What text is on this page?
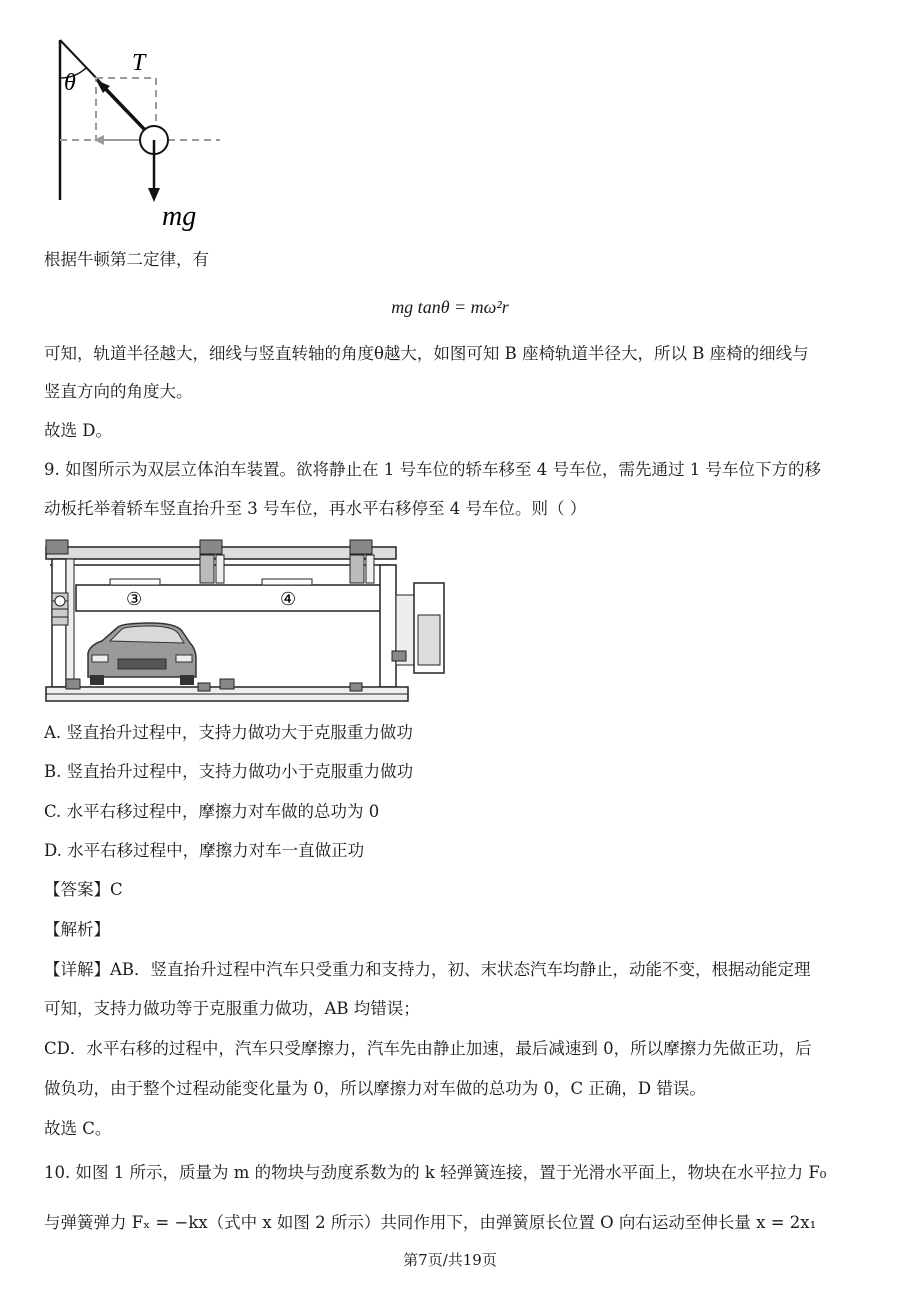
θ
T
mg
根据牛顿第二定律，有
mg tanθ = mω²r
可知，轨道半径越大，细线与竖直转轴的角度θ越大，如图可知 B 座椅轨道半径大，所以 B 座椅的细线与
竖直方向的角度大。
故选 D。
9. 如图所示为双层立体泊车装置。欲将静止在 1 号车位的轿车移至 4 号车位，需先通过 1 号车位下方的移
动板托举着轿车竖直抬升至 3 号车位，再水平右移停至 4 号车位。则（ ）
③	④
A. 竖直抬升过程中，支持力做功大于克服重力做功
B. 竖直抬升过程中，支持力做功小于克服重力做功
C. 水平右移过程中，摩擦力对车做的总功为 0
D. 水平右移过程中，摩擦力对车一直做正功
【答案】C
【解析】
【详解】AB．竖直抬升过程中汽车只受重力和支持力，初、末状态汽车均静止，动能不变，根据动能定理
可知，支持力做功等于克服重力做功，AB 均错误；
CD．水平右移的过程中，汽车只受摩擦力，汽车先由静止加速，最后减速到 0，所以摩擦力先做正功，后
做负功，由于整个过程动能变化量为 0，所以摩擦力对车做的总功为 0，C 正确，D 错误。
故选 C。
10. 如图 1 所示，质量为 m 的物块与劲度系数为的 k 轻弹簧连接，置于光滑水平面上，物块在水平拉力 F₀
与弹簧弹力 Fₓ = −kx（式中 x 如图 2 所示）共同作用下，由弹簧原长位置 O 向右运动至伸长量 x = 2x₁
第7页/共19页
